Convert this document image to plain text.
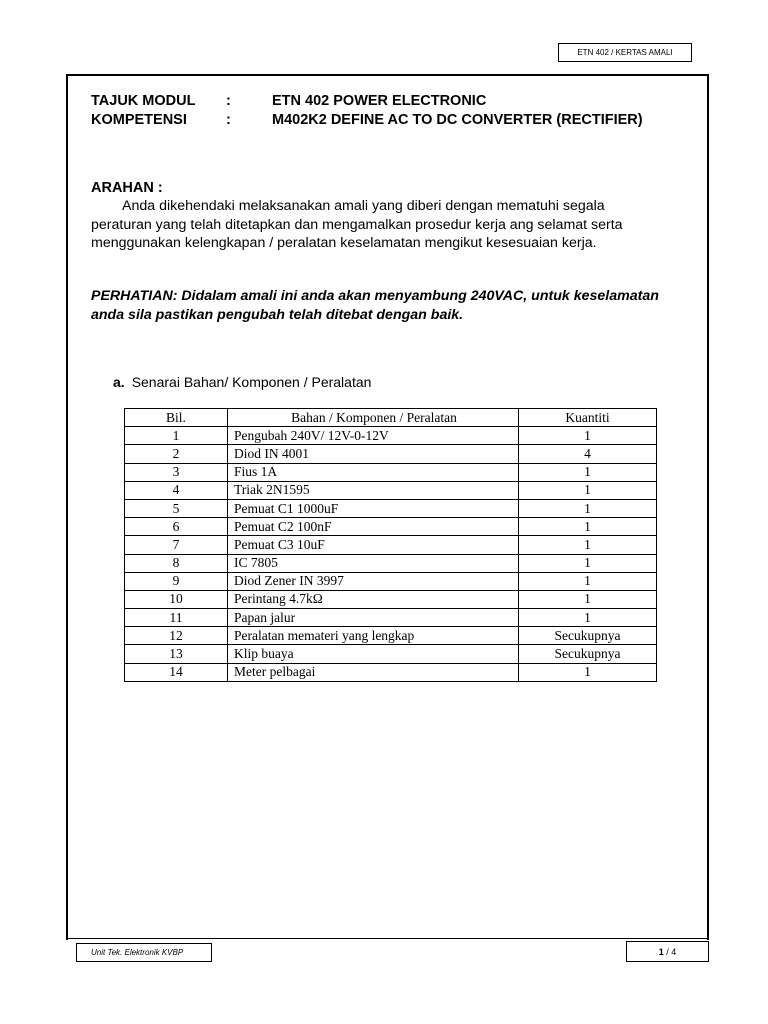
ETN 402 / KERTAS AMALI
TAJUK MODUL :	ETN 402 POWER ELECTRONIC
KOMPETENSI	:	M402K2 DEFINE AC TO DC CONVERTER (RECTIFIER)
ARAHAN :
Anda dikehendaki melaksanakan amali yang diberi dengan mematuhi segala peraturan yang telah ditetapkan dan mengamalkan prosedur kerja ang selamat serta menggunakan kelengkapan / peralatan keselamatan mengikut kesesuaian kerja.
PERHATIAN: Didalam amali ini anda akan menyambung 240VAC, untuk keselamatan anda sila pastikan pengubah telah ditebat dengan baik.
a. Senarai Bahan/ Komponen / Peralatan
Bil.	Bahan / Komponen / Peralatan	Kuantiti
1	Pengubah 240V/ 12V-0-12V	1
2	Diod IN 4001	4
3	Fius 1A	1
4	Triak 2N1595	1
5	Pemuat C1 1000uF	1
6	Pemuat C2 100nF	1
7	Pemuat C3 10uF	1
8	IC 7805	1
9	Diod Zener IN 3997	1
10	Perintang 4.7kΩ	1
11	Papan jalur	1
12	Peralatan memateri yang lengkap	Secukupnya
13	Klip buaya	Secukupnya
14	Meter pelbagai	1
Unit Tek. Elektronik KVBP	1 / 4
